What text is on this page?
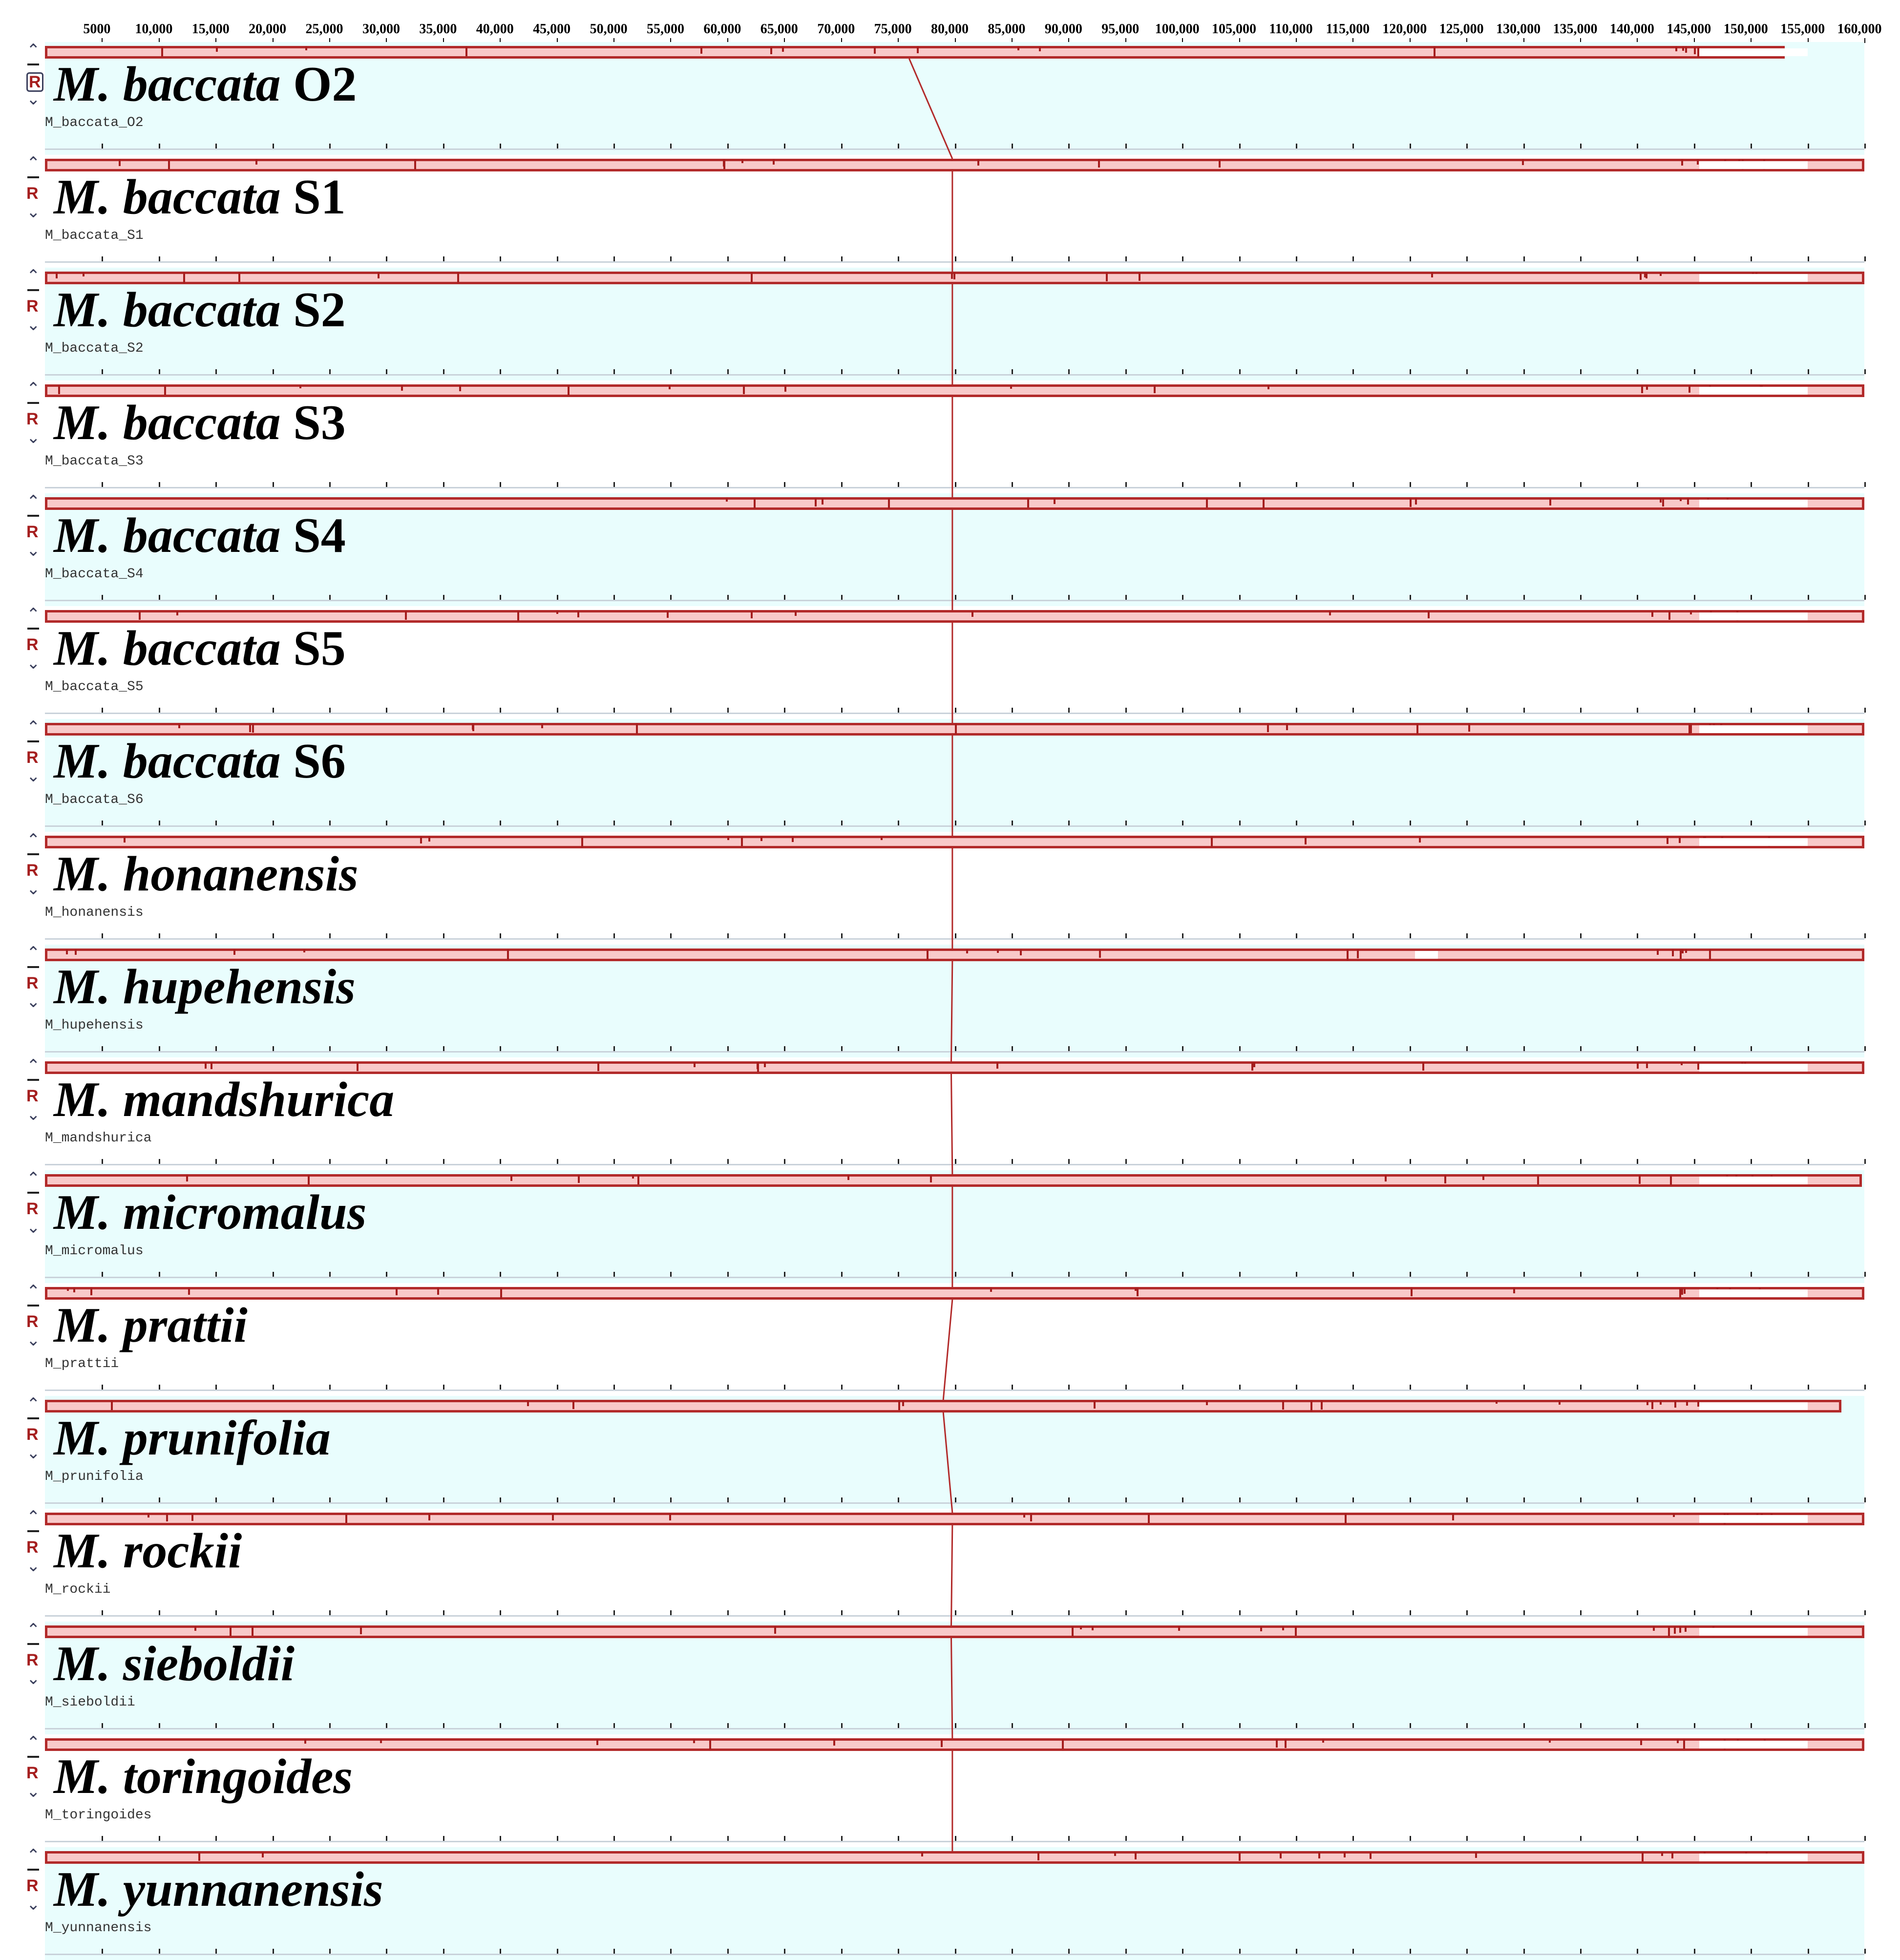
5000 10,000 15,000 20,000 25,000 30,000 35,000 40,000 45,000 50,000 55,000 60,000 65,000 70,000 75,000 80,000 85,000 90,000 95,000 100,000 105,000 110,000 115,000 120,000 125,000 130,000 135,000 140,000 145,000 150,000 155,000 160,000
⌃
R
⌄ M. baccata O2
M_baccata_O2
⌃
R
⌄ M. baccata S1
M_baccata_S1
⌃
R
⌄ M. baccata S2
M_baccata_S2
⌃
R
⌄ M. baccata S3
M_baccata_S3
⌃
R
⌄ M. baccata S4
M_baccata_S4
⌃
R
⌄ M. baccata S5
M_baccata_S5
⌃
R
⌄ M. baccata S6
M_baccata_S6
⌃
R
⌄ M. honanensis
M_honanensis
⌃
R
⌄ M. hupehensis
M_hupehensis
⌃
R
⌄ M. mandshurica
M_mandshurica
⌃
R
⌄ M. micromalus
M_micromalus
⌃
R
⌄ M. prattii
M_prattii
⌃
R
⌄ M. prunifolia
M_prunifolia
⌃
R
⌄ M. rockii
M_rockii
⌃
R
⌄ M. sieboldii
M_sieboldii
⌃
R
⌄ M. toringoides
M_toringoides
⌃
R
⌄ M. yunnanensis
M_yunnanensis
